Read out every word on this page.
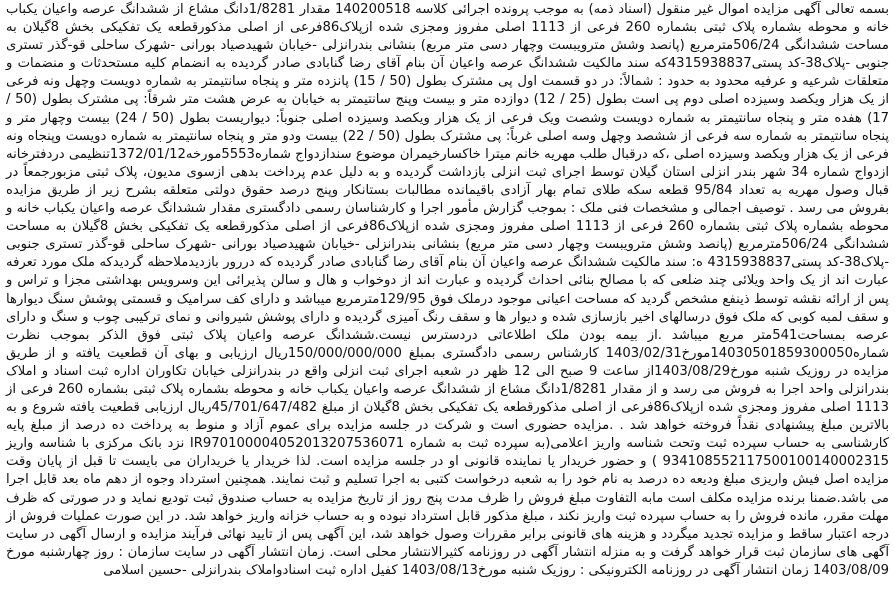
بسمه تعالی آگهی مزایده اموال غیر منقول (اسناد ذمه) به موجب پرونده اجرائی کلاسه 140200518 مقدار 1/8281دانگ مشاع از ششدانگ عرصه واعیان یکباب خانه و محوطه بشماره پلاک ثبتی بشماره 260 فرعی از 1113 اصلی مفروز ومجزی شده ازپلاک86فرعی از اصلی مذکورقطعه یک تفکیکی بخش 8گیلان به مساحت ششدانگی 506/24مترمربع (پانصد وشش مترویبست وچهار دسی متر مربع) بنشانی بندرانزلی -خیابان شهیدصیاد بورانی -شهرک ساحلی قو-گذر تستری جنوبی -پلاک38-کد پستی4315938837که سند مالکیت ششدانگ عرصه واعیان آن بنام آقای رضا گنابادی صادر گردیده به انضمام کلیه مستحدثات و منضمات و متعلقات شرعیه و عرفیه محدود به حدود : شمالاً: در دو قسمت اول پی مشترک بطول (50 / 15) پانزده متر و پنجاه سانتیمتر به شماره دویست وچهل ونه فرعی از یک هزار ویکصد وسیزده اصلی دوم پی است بطول (25 / 12) دوازده متر و بیست وپنج سانتیمتر به خیابان به عرض هشت متر شرقاً: پی مشترک بطول (50 / 17) هفده متر و پنجاه سانتیمتر به شماره دویست وشصت ویک فرعی از یک هزار ویکصد وسیزده اصلی جنوباً: دیواریست بطول (50 / 24) بیست وچهار متر و پنجاه سانتیمتر به شماره سه فرعی از ششصد وچهل وسه اصلی غرباً: پی مشترک بطول (50 / 22) بیست ودو متر و پنجاه سانتیمتر به شماره دویست وپنجاه ونه فرعی از یک هزار ویکصد وسیزده اصلی ،که درقبال طلب مهریه خانم میترا خاکسارخیمران موضوع سندازدواج شماره5553مورخه1372/01/12تنظیمی دردفترخانه ازدواج شماره 34 شهر بندر انزلی استان گیلان توسط اجرای ثبت انزلی بازداشت گردیده و به دلیل عدم پرداخت بدهی ازسوی مدیون، پلاک ثبتی مزبورجمعاً در قبال وصول مهریه به تعداد 95/84 قطعه سکه طلای تمام بهار آزادی باقیمانده مطالبات بستانکار وپنج درصد حقوق دولتی متعلقه بشرح زیر از طریق مزایده بفروش می رسد . توصیف اجمالی و مشخصات فنی ملک : بموجب گزارش مأمور اجرا و کارشناسان رسمی دادگستری مقدار ششدانگ عرصه واعیان یکباب خانه و محوطه بشماره پلاک ثبتی بشماره 260 فرعی از 1113 اصلی مفروز ومجزی شده ازپلاک86فرعی از اصلی مذکورقطعه یک تفکیکی بخش 8گیلان به مساحت ششدانگی 506/24مترمربع (پانصد وشش مترویبست وچهار دسی متر مربع) بنشانی بندرانزلی -خیابان شهیدصیاد بورانی -شهرک ساحلی قو-گذر تستری جنوبی -پلاک38-کد پستی4315938837 ه: سند مالکیت ششدانگ عرصه واعیان آن بنام آقای رضا گنابادی صادر گردیده که دررور بازدیدملاحظه گردیدکه ملک مورد تعرفه عبارت اند از یک واحد ویلائی چند ضلعی که با مصالح بنائی احداث گردیده و عبارت اند از دوخواب و هال و سالن پذیرائی این وسرویس بهداشتی مجزا و تراس و پس از ارائه نقشه توسط ذینفع مشخص گردید که مساحت اعیانی موجود درملک فوق 129/95مترمربع میباشد و دارای کف سرامیک و قسمتی پوشش سنگ دیوارها و سقف لمبه کوبی که ملک فوق درسالهای اخیر بازسازی شده و دیوار ها و سقف رنگ آمیزی گردیده و دارای پوشش شیروانی و نمای ترکیبی چوب و سنگ و دارای عرصه بمساحت541متر مربع میباشد .از بیمه بودن ملک اطلاعاتی دردسترس نیست.ششدانگ عرصه واعیان پلاک ثبتی فوق الذکر بموجب نظرت شماره14030501859300050مورخ1403/02/31 کارشناس رسمی دادگستری بمبلغ 150/000/000/000ریال ارزیابی و بهای آن قطعیت یافته و از طریق مزایده در روزیک شنبه مورخ1403/08/29از ساعت 9 صبح الی 12 ظهر در شعبه اجرای ثبت انزلی واقع در بندرانزلی خیابان تکاوران اداره ثبت اسناد و املاک بندرانزلی واحد اجرا به فروش می رسد و از مقدار 1/8281دانگ مشاع از ششدانگ عرصه واعیان یکباب خانه و محوطه بشماره پلاک ثبتی بشماره 260 فرعی از 1113 اصلی مفروز ومجزی شده ازپلاک86فرعی از اصلی مذکورقطعه یک تفکیکی بخش 8گیلان از مبلغ 45/701/647/482ریال ارزیابی قطعیت یافته شروع و به بالاترین مبلغ پیشنهادی نقداً فروخته خواهد شد . .مزایده حضوری است و شرکت در جلسه مزایده برای عموم آزاد و منوط به پرداخت ده درصد از مبلغ پایه کارشناسی به حساب سپرده ثبت وتحت شناسه واریز اعلامی(به سپرده ثبت به شماره IR970100004052013207536071 نزد بانک مرکزی با شناسه واریز 934108552117500100140002315 ) و حضور خریدار یا نماینده قانونی او در جلسه مزایده است. لذا خریدار یا خریداران می بایست تا قبل از پایان وقت مزایده اصل فیش واریزی مبلغ ودیعه ده درصد به نام خود را به شعبه درخواست کتبی به اجرا تسلیم و ثبت نمایند. همچنین استرداد وجوه از دهم ماه بعد قابل اجرا می باشد.ضمنا برنده مزایده مکلف است مابه التفاوت مبلغ فروش را ظرف مدت پنج روز از تاریخ مزایده به حساب صندوق ثبت تودیع نماید و در صورتی که ظرف مهلت مقرر، مانده فروش را به حساب سپرده ثبت واریز نکند ، مبلغ مذکور قابل استرداد نبوده و به حساب خزانه واریز خواهد شد. در این صورت عملیات فروش از درجه اعتبار ساقط و مزایده تجدید میگردد و هزینه های قانونی برابر مقررات وصول خواهد شد، این آگهی پس از تایید نهائی فرآیند مزایده و ارسال آگهی در سایت آگهی های سازمان ثبت قرار خواهد گرفت و به منزله انتشار آگهی در روزنامه کثیرالانتشار محلی است. زمان انتشار آگهی در سایت سازمان : روز چهارشنبه مورخ 1403/08/09 زمان انتشار آگهی در روزنامه الکترونیکی : روزیک شنبه مورخ1403/08/13 کفیل اداره ثبت اسنادواملاک بندرانزلی -حسین اسلامی
